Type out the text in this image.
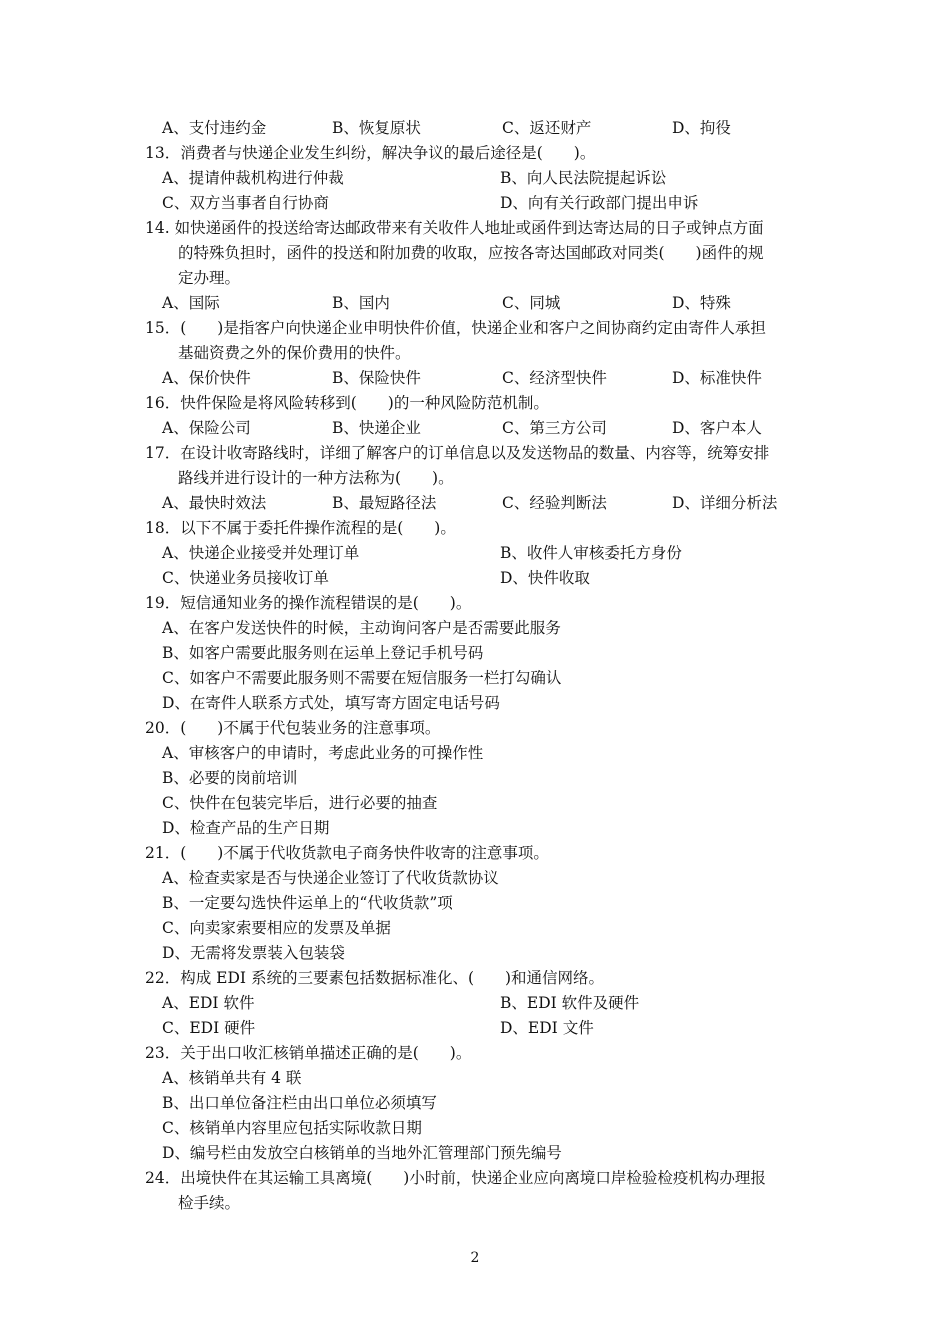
A、支付违约金	B、恢复原状	C、返还财产	D、拘役
13．消费者与快递企业发生纠纷，解决争议的最后途径是(　　)。
A、提请仲裁机构进行仲裁	B、向人民法院提起诉讼
C、双方当事者自行协商	D、向有关行政部门提出申诉
14. 如快递函件的投送给寄达邮政带来有关收件人地址或函件到达寄达局的日子或钟点方面
的特殊负担时，函件的投送和附加费的收取，应按各寄达国邮政对同类(　　)函件的规
定办理。
A、国际	B、国内	C、同城	D、特殊
15．(　　)是指客户向快递企业申明快件价值，快递企业和客户之间协商约定由寄件人承担
基础资费之外的保价费用的快件。
A、保价快件	B、保险快件	C、经济型快件	D、标准快件
16．快件保险是将风险转移到(　　)的一种风险防范机制。
A、保险公司	B、快递企业	C、第三方公司	D、客户本人
17．在设计收寄路线时，详细了解客户的订单信息以及发送物品的数量、内容等，统筹安排
路线并进行设计的一种方法称为(　　)。
A、最快时效法	B、最短路径法	C、经验判断法	D、详细分析法
18．以下不属于委托件操作流程的是(　　)。
A、快递企业接受并处理订单	B、收件人审核委托方身份
C、快递业务员接收订单	D、快件收取
19．短信通知业务的操作流程错误的是(　　)。
A、在客户发送快件的时候，主动询问客户是否需要此服务
B、如客户需要此服务则在运单上登记手机号码
C、如客户不需要此服务则不需要在短信服务一栏打勾确认
D、在寄件人联系方式处，填写寄方固定电话号码
20．(　　)不属于代包装业务的注意事项。
A、审核客户的申请时，考虑此业务的可操作性
B、必要的岗前培训
C、快件在包装完毕后，进行必要的抽查
D、检查产品的生产日期
21．(　　)不属于代收货款电子商务快件收寄的注意事项。
A、检查卖家是否与快递企业签订了代收货款协议
B、一定要勾选快件运单上的“代收货款”项
C、向卖家索要相应的发票及单据
D、无需将发票装入包装袋
22．构成 EDI 系统的三要素包括数据标准化、(　　)和通信网络。
A、EDI 软件	B、EDI 软件及硬件
C、EDI 硬件	D、EDI 文件
23．关于出口收汇核销单描述正确的是(　　)。
A、核销单共有 4 联
B、出口单位备注栏由出口单位必须填写
C、核销单内容里应包括实际收款日期
D、编号栏由发放空白核销单的当地外汇管理部门预先编号
24．出境快件在其运输工具离境(　　)小时前，快递企业应向离境口岸检验检疫机构办理报
检手续。
2
